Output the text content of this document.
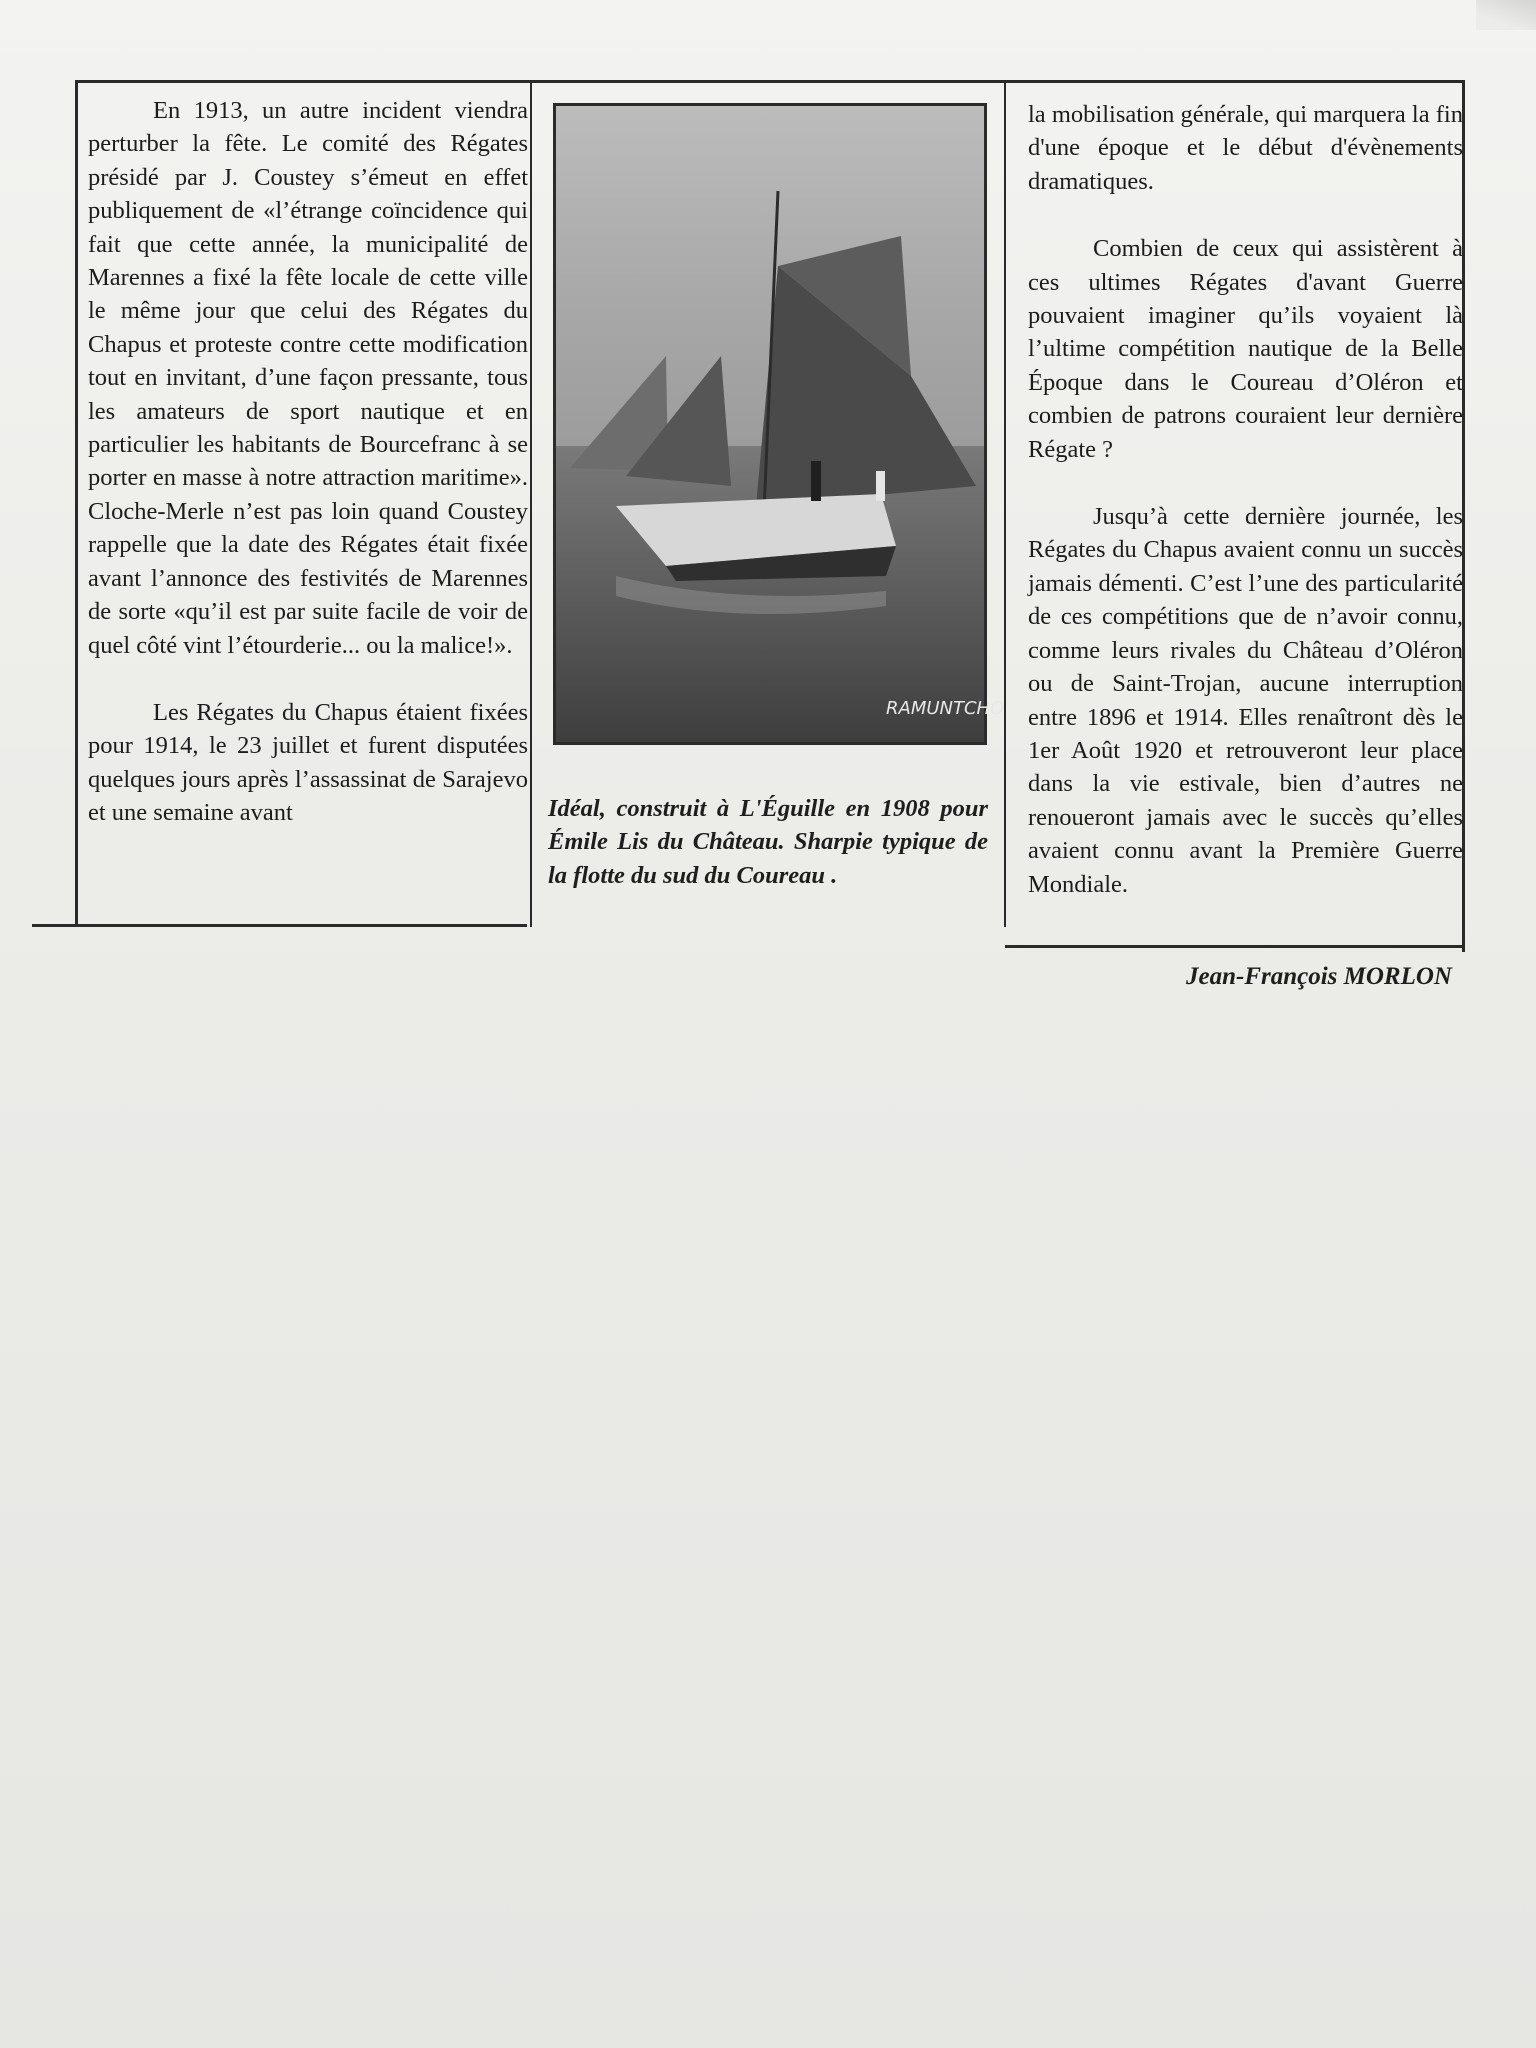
En 1913, un autre incident viendra perturber la fête. Le comité des Régates présidé par J. Coustey s’émeut en effet publiquement de «l’étrange coïncidence qui fait que cette année, la municipalité de Marennes a fixé la fête locale de cette ville le même jour que celui des Régates du Chapus et proteste contre cette modification tout en invitant, d’une façon pressante, tous les amateurs de sport nautique et en particulier les habitants de Bourcefranc à se porter en masse à notre attraction maritime». Cloche-Merle n’est pas loin quand Coustey rappelle que la date des Régates était fixée avant l’annonce des festivités de Marennes de sorte «qu’il est par suite facile de voir de quel côté vint l’étourderie... ou la malice!».

Les Régates du Chapus étaient fixées pour 1914, le 23 juillet et furent disputées quelques jours après l’assassinat de Sarajevo et une semaine avant

RAMUNTCHO
Idéal, construit à L'Éguille en 1908 pour Émile Lis du Château. Sharpie typique de la flotte du sud du Coureau .

la mobilisation générale, qui marquera la fin d'une époque et le début d'évènements dramatiques.

Combien de ceux qui assistèrent à ces ultimes Régates d'avant Guerre pouvaient imaginer qu’ils voyaient là l’ultime compétition nautique de la Belle Époque dans le Coureau d’Oléron et combien de patrons couraient leur dernière Régate ?

Jusqu’à cette dernière journée, les Régates du Chapus avaient connu un succès jamais démenti. C’est l’une des particularité de ces compétitions que de n’avoir connu, comme leurs rivales du Château d’Oléron ou de Saint-Trojan, aucune interruption entre 1896 et 1914. Elles renaîtront dès le 1er Août 1920 et retrouveront leur place dans la vie estivale, bien d’autres ne renoueront jamais avec le succès qu’elles avaient connu avant la Première Guerre Mondiale.

Jean-François MORLON
